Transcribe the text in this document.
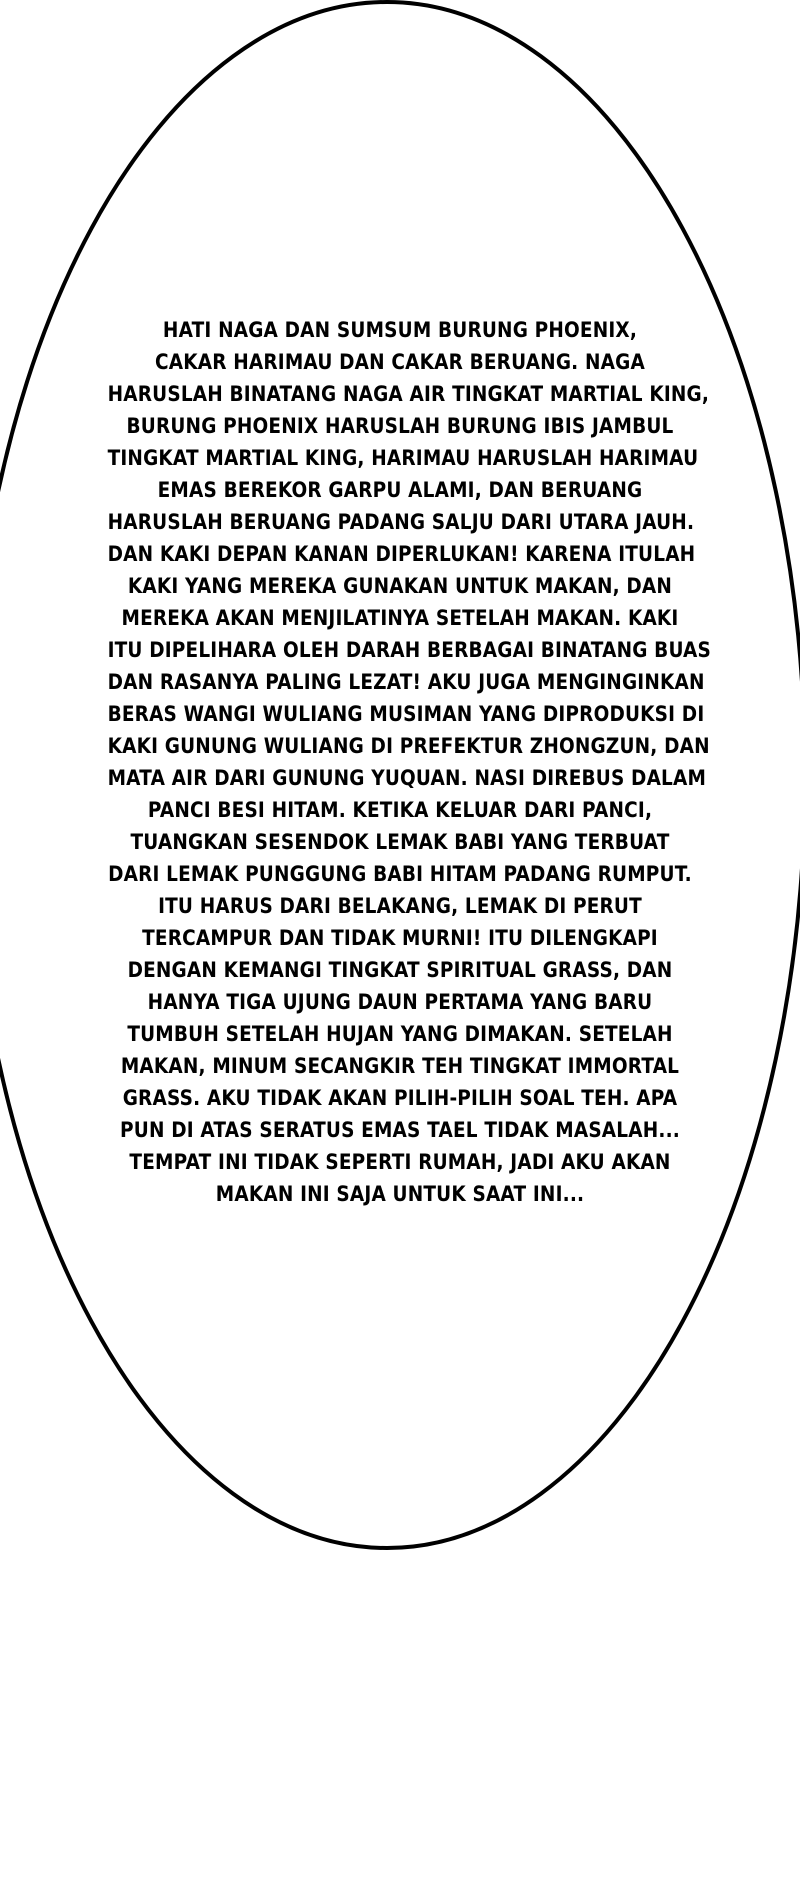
HATI NAGA DAN SUMSUM BURUNG PHOENIX,
CAKAR HARIMAU DAN CAKAR BERUANG. NAGA
HARUSLAH BINATANG NAGA AIR TINGKAT MARTIAL KING,
BURUNG PHOENIX HARUSLAH BURUNG IBIS JAMBUL
TINGKAT MARTIAL KING, HARIMAU HARUSLAH HARIMAU
EMAS BEREKOR GARPU ALAMI, DAN BERUANG
HARUSLAH BERUANG PADANG SALJU DARI UTARA JAUH.
DAN KAKI DEPAN KANAN DIPERLUKAN! KARENA ITULAH
KAKI YANG MEREKA GUNAKAN UNTUK MAKAN, DAN
MEREKA AKAN MENJILATINYA SETELAH MAKAN. KAKI
ITU DIPELIHARA OLEH DARAH BERBAGAI BINATANG BUAS
DAN RASANYA PALING LEZAT! AKU JUGA MENGINGINKAN
BERAS WANGI WULIANG MUSIMAN YANG DIPRODUKSI DI
KAKI GUNUNG WULIANG DI PREFEKTUR ZHONGZUN, DAN
MATA AIR DARI GUNUNG YUQUAN. NASI DIREBUS DALAM
PANCI BESI HITAM. KETIKA KELUAR DARI PANCI,
TUANGKAN SESENDOK LEMAK BABI YANG TERBUAT
DARI LEMAK PUNGGUNG BABI HITAM PADANG RUMPUT.
ITU HARUS DARI BELAKANG, LEMAK DI PERUT
TERCAMPUR DAN TIDAK MURNI! ITU DILENGKAPI
DENGAN KEMANGI TINGKAT SPIRITUAL GRASS, DAN
HANYA TIGA UJUNG DAUN PERTAMA YANG BARU
TUMBUH SETELAH HUJAN YANG DIMAKAN. SETELAH
MAKAN, MINUM SECANGKIR TEH TINGKAT IMMORTAL
GRASS. AKU TIDAK AKAN PILIH-PILIH SOAL TEH. APA
PUN DI ATAS SERATUS EMAS TAEL TIDAK MASALAH...
TEMPAT INI TIDAK SEPERTI RUMAH, JADI AKU AKAN
MAKAN INI SAJA UNTUK SAAT INI...
